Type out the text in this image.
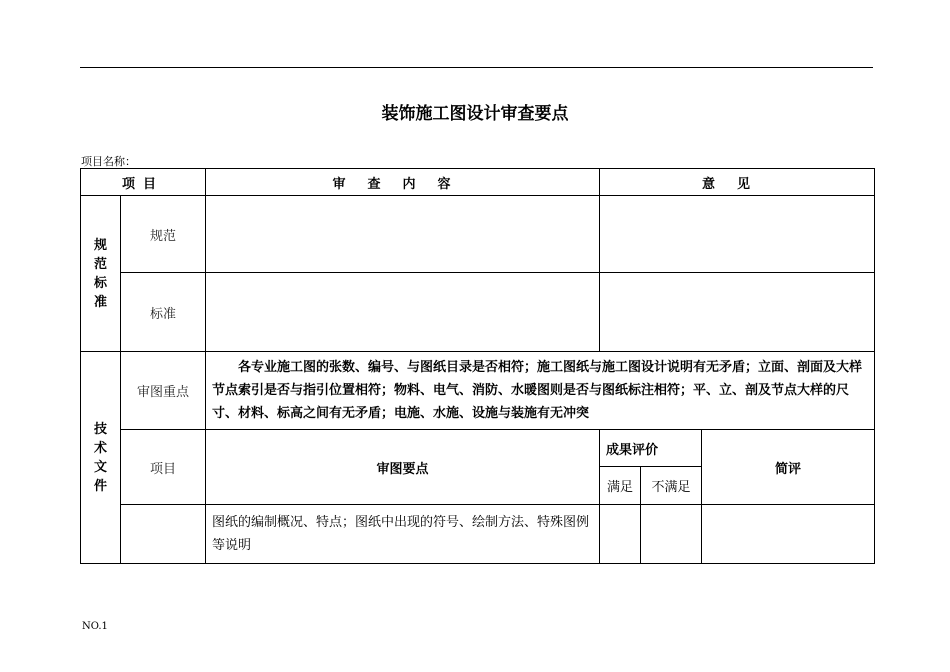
装饰施工图设计审查要点
项目名称：
项目		审查内容	意见		

规范标准	规范				
	标准				

技术文件	审图重点	各专业施工图的张数、编号、与图纸目录是否相符；施工图纸与施工图设计说明有无矛盾；立面、剖面及大样节点索引是否与指引位置相符；物料、电气、消防、水暖图则是否与图纸标注相符；平、立、剖及节点大样的尺寸、材料、标高之间有无矛盾；电施、水施、设施与装施有无冲突			
	项目	审图要点	成果评价		简评
			满足	不满足	
		图纸的编制概况、特点；图纸中出现的符号、绘制方法、特殊图例等说明			
NO.1
